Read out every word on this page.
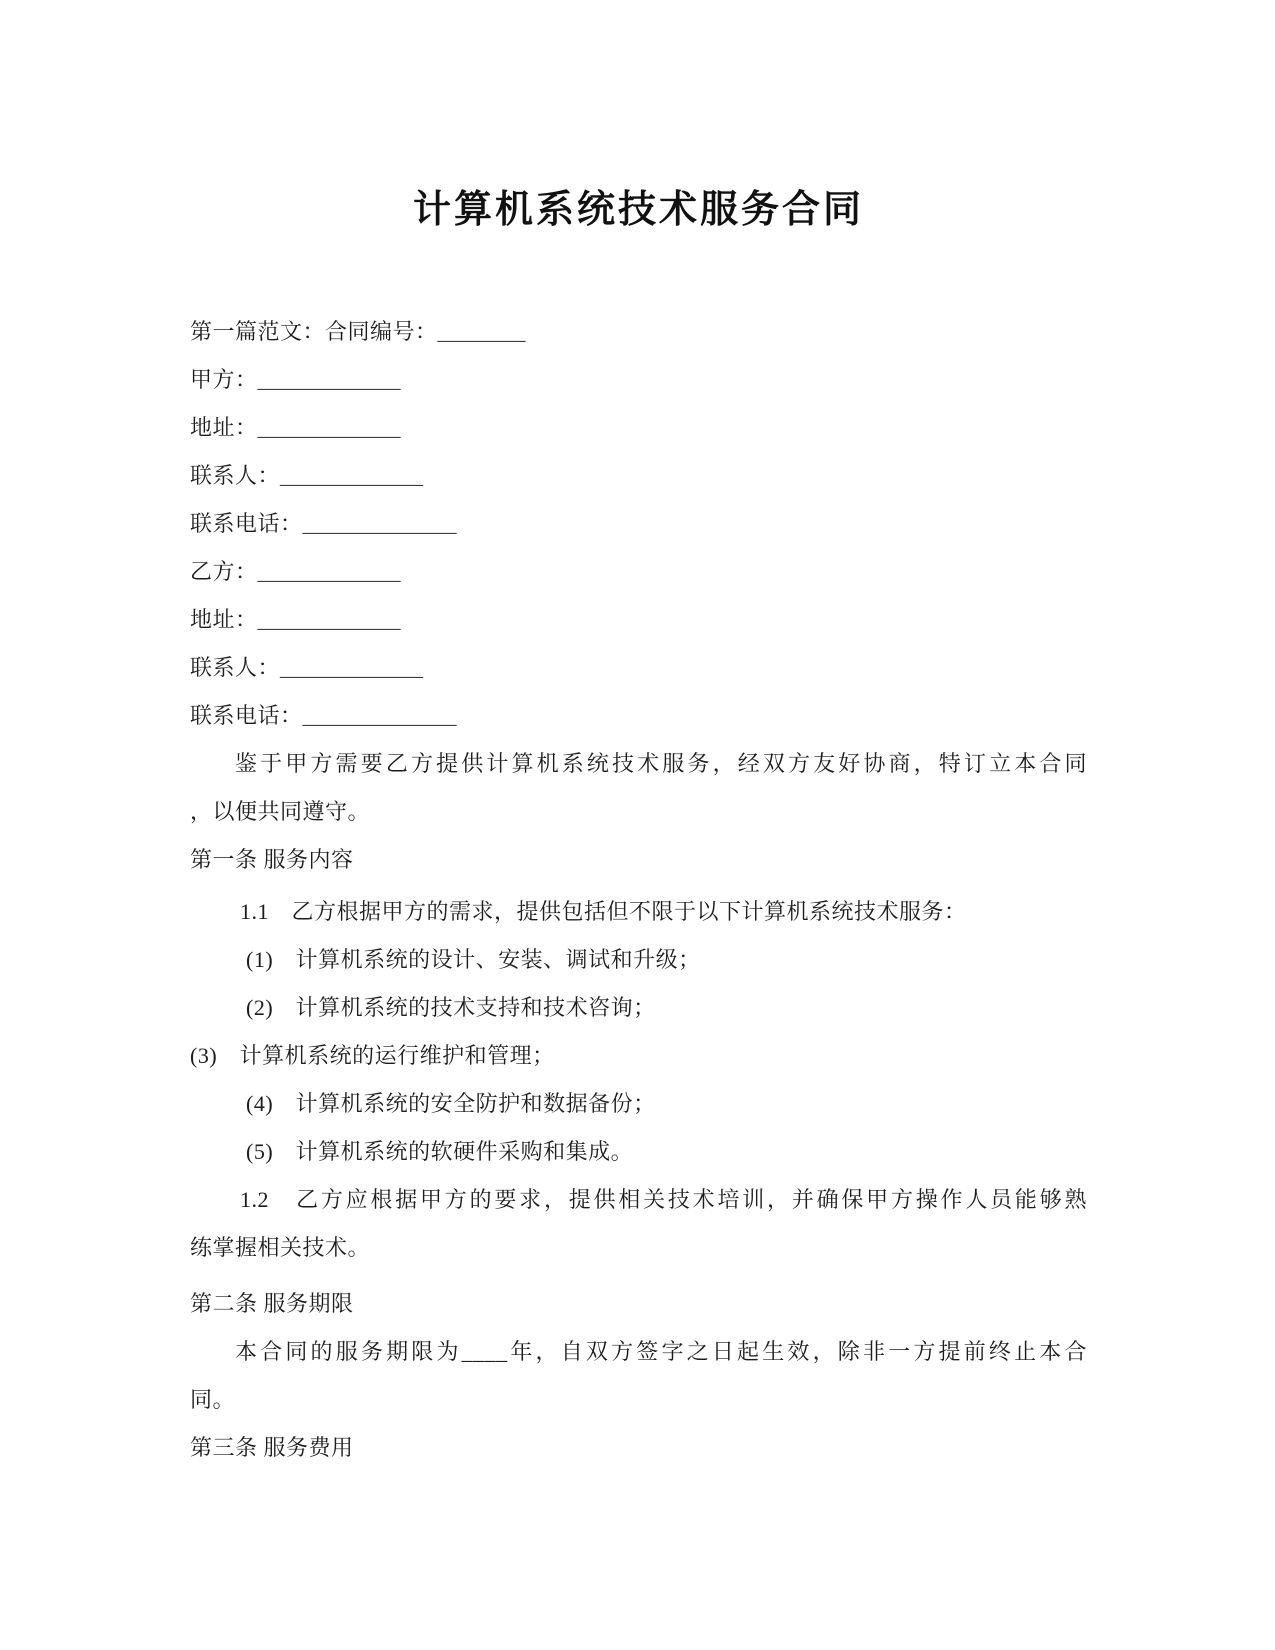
计算机系统技术服务合同

第一篇范文：合同编号：________

甲方：_____________

地址：_____________

联系人：_____________

联系电话：______________

乙方：_____________

地址：_____________

联系人：_____________

联系电话：______________

鉴于甲方需要乙方提供计算机系统技术服务，经双方友好协商，特订立本合同

，以便共同遵守。

第一条 服务内容

1.1　乙方根据甲方的需求，提供包括但不限于以下计算机系统技术服务：

(1)　计算机系统的设计、安装、调试和升级；

(2)　计算机系统的技术支持和技术咨询；

(3)　计算机系统的运行维护和管理；

(4)　计算机系统的安全防护和数据备份；

(5)　计算机系统的软硬件采购和集成。

1.2　乙方应根据甲方的要求，提供相关技术培训，并确保甲方操作人员能够熟

练掌握相关技术。

第二条 服务期限

本合同的服务期限为____年，自双方签字之日起生效，除非一方提前终止本合

同。

第三条 服务费用
